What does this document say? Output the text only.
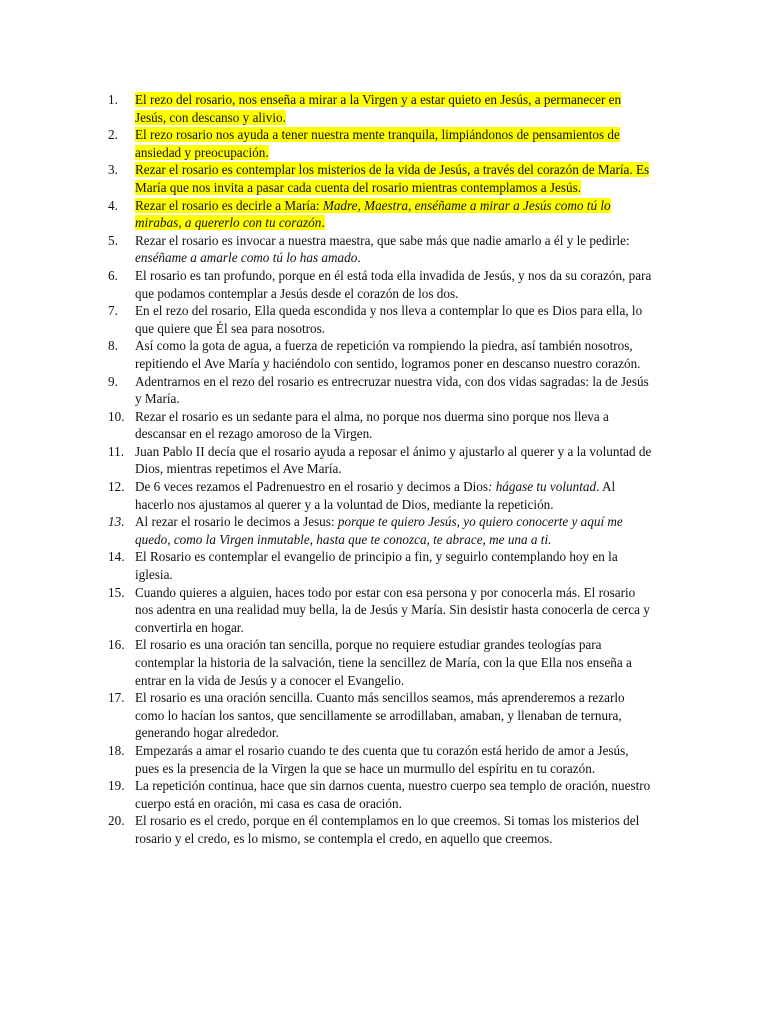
1.	El rezo del rosario, nos enseña a mirar a la Virgen y a estar quieto en Jesús, a permanecer en Jesús, con descanso y alivio.
2.	El rezo rosario nos ayuda a tener nuestra mente tranquila, limpiándonos de pensamientos de ansiedad y preocupación.
3.	Rezar el rosario es contemplar los misterios de la vida de Jesús, a través del corazón de María. Es María que nos invita a pasar cada cuenta del rosario mientras contemplamos a Jesús.
4.	Rezar el rosario es decirle a María: Madre, Maestra, enséñame a mirar a Jesús como tú lo mirabas, a quererlo con tu corazón.
5.	Rezar el rosario es invocar a nuestra maestra, que sabe más que nadie amarlo a él y le pedirle: enséñame a amarle como tú lo has amado.
6.	El rosario es tan profundo, porque en él está toda ella invadida de Jesús, y nos da su corazón, para que podamos contemplar a Jesús desde el corazón de los dos.
7.	En el rezo del rosario, Ella queda escondida y nos lleva a contemplar lo que es Dios para ella, lo que quiere que Él sea para nosotros.
8.	Así como la gota de agua, a fuerza de repetición va rompiendo la piedra, así también nosotros, repitiendo el Ave María y haciéndolo con sentido, logramos poner en descanso nuestro corazón.
9.	Adentrarnos en el rezo del rosario es entrecruzar nuestra vida, con dos vidas sagradas: la de Jesús y María.
10. Rezar el rosario es un sedante para el alma, no porque nos duerma sino porque nos lleva a descansar en el rezago amoroso de la Virgen.
11. Juan Pablo II decía que el rosario ayuda a reposar el ánimo y ajustarlo al querer y a la voluntad de Dios, mientras repetimos el Ave María.
12. De 6 veces rezamos el Padrenuestro en el rosario y decimos a Dios: hágase tu voluntad. Al hacerlo nos ajustamos al querer y a la voluntad de Dios, mediante la repetición.
13. Al rezar el rosario le decimos a Jesus: porque te quiero Jesús, yo quiero conocerte y aquí me quedo, como la Virgen inmutable, hasta que te conozca, te abrace, me una a ti.
14. El Rosario es contemplar el evangelio de principio a fin, y seguirlo contemplando hoy en la iglesia.
15. Cuando quieres a alguien, haces todo por estar con esa persona y por conocerla más. El rosario nos adentra en una realidad muy bella, la de Jesús y María. Sin desistir hasta conocerla de cerca y convertirla en hogar.
16. El rosario es una oración tan sencilla, porque no requiere estudiar grandes teologías para contemplar la historia de la salvación, tiene la sencillez de María, con la que Ella nos enseña a entrar en la vida de Jesús y a conocer el Evangelio.
17. El rosario es una oración sencilla. Cuanto más sencillos seamos, más aprenderemos a rezarlo como lo hacían los santos, que sencillamente se arrodillaban, amaban, y llenaban de ternura, generando hogar alrededor.
18. Empezarás a amar el rosario cuando te des cuenta que tu corazón está herido de amor a Jesús, pues es la presencia de la Virgen la que se hace un murmullo del espíritu en tu corazón.
19. La repetición continua, hace que sin darnos cuenta, nuestro cuerpo sea templo de oración, nuestro cuerpo está en oración, mi casa es casa de oración.
20. El rosario es el credo, porque en él contemplamos en lo que creemos. Si tomas los misterios del rosario y el credo, es lo mismo, se contempla el credo, en aquello que creemos.
